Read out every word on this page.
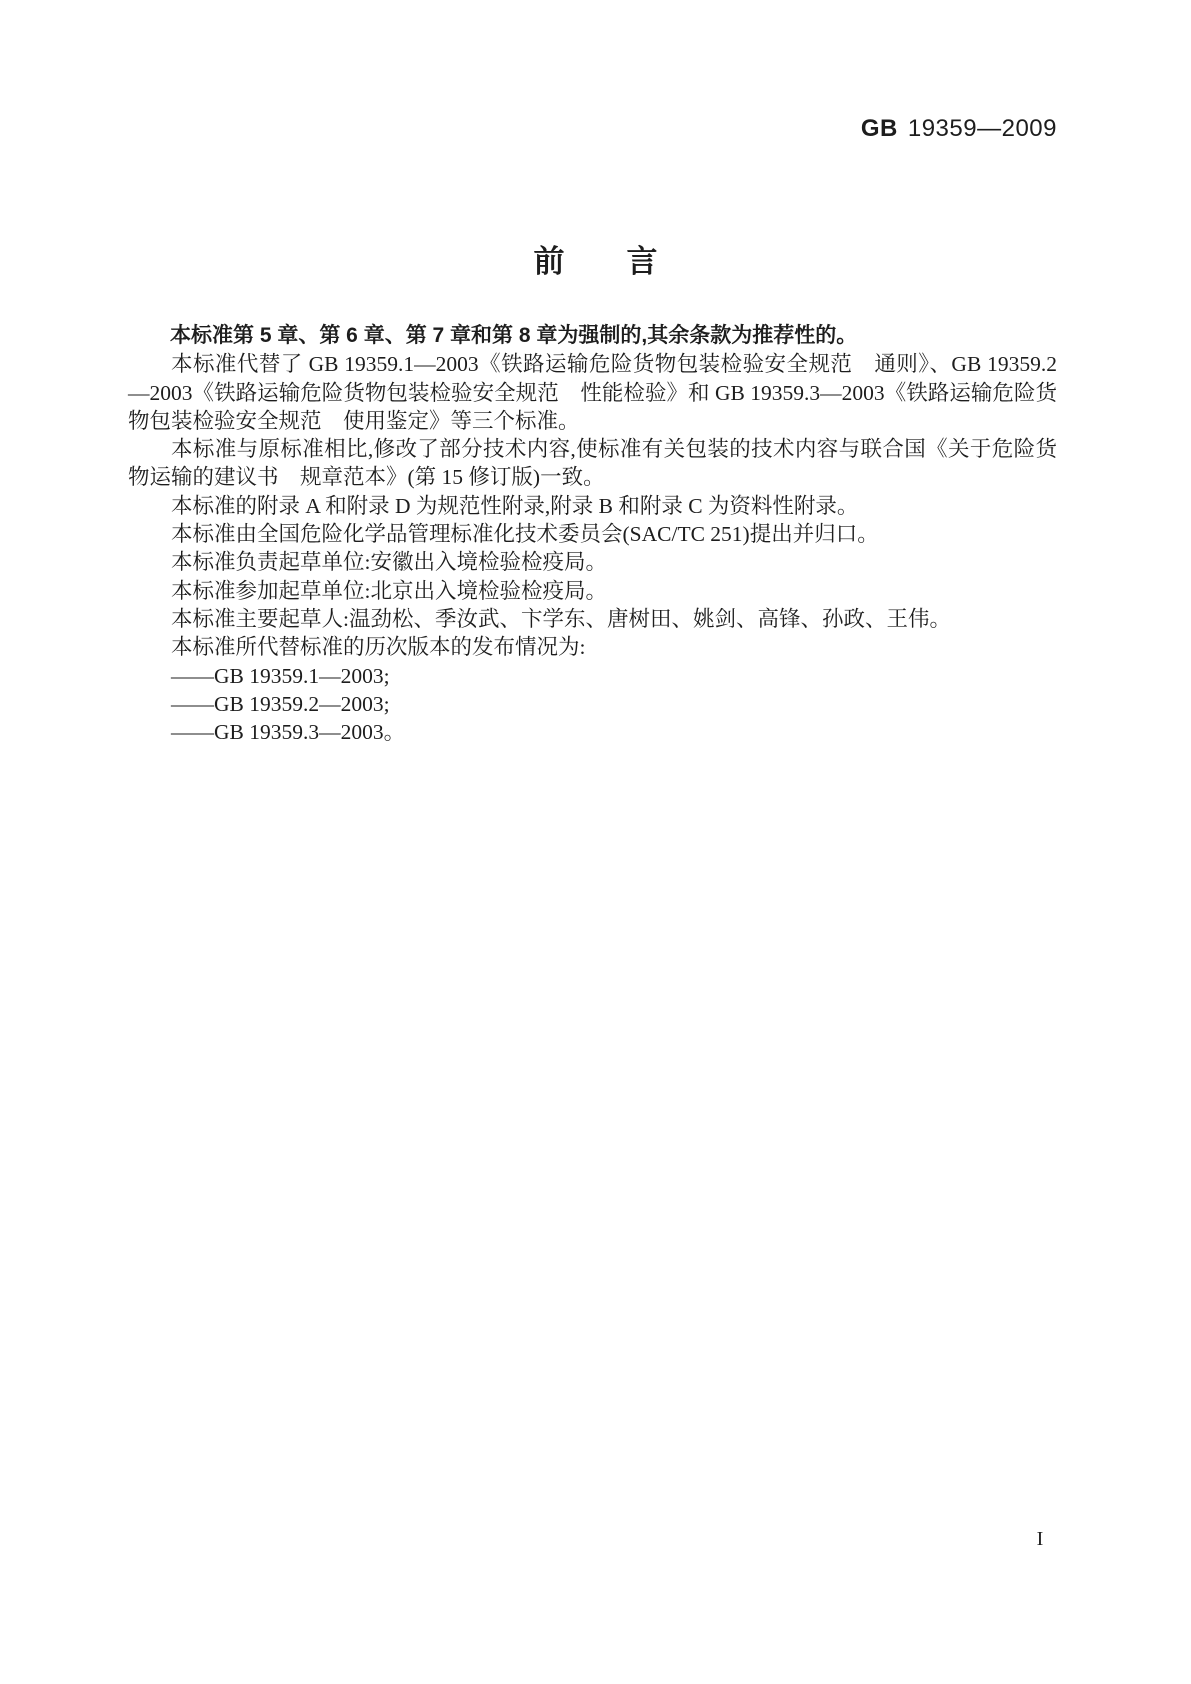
GB 19359—2009
前　　言

本标准第 5 章、第 6 章、第 7 章和第 8 章为强制的,其余条款为推荐性的。

本标准代替了 GB 19359.1—2003《铁路运输危险货物包装检验安全规范　通则》、GB 19359.2—2003《铁路运输危险货物包装检验安全规范　性能检验》和 GB 19359.3—2003《铁路运输危险货物包装检验安全规范　使用鉴定》等三个标准。

本标准与原标准相比,修改了部分技术内容,使标准有关包装的技术内容与联合国《关于危险货物运输的建议书　规章范本》(第 15 修订版)一致。

本标准的附录 A 和附录 D 为规范性附录,附录 B 和附录 C 为资料性附录。

本标准由全国危险化学品管理标准化技术委员会(SAC/TC 251)提出并归口。

本标准负责起草单位:安徽出入境检验检疫局。

本标准参加起草单位:北京出入境检验检疫局。

本标准主要起草人:温劲松、季汝武、卞学东、唐树田、姚剑、高锋、孙政、王伟。

本标准所代替标准的历次版本的发布情况为:

——GB 19359.1—2003;

——GB 19359.2—2003;

——GB 19359.3—2003。

I
